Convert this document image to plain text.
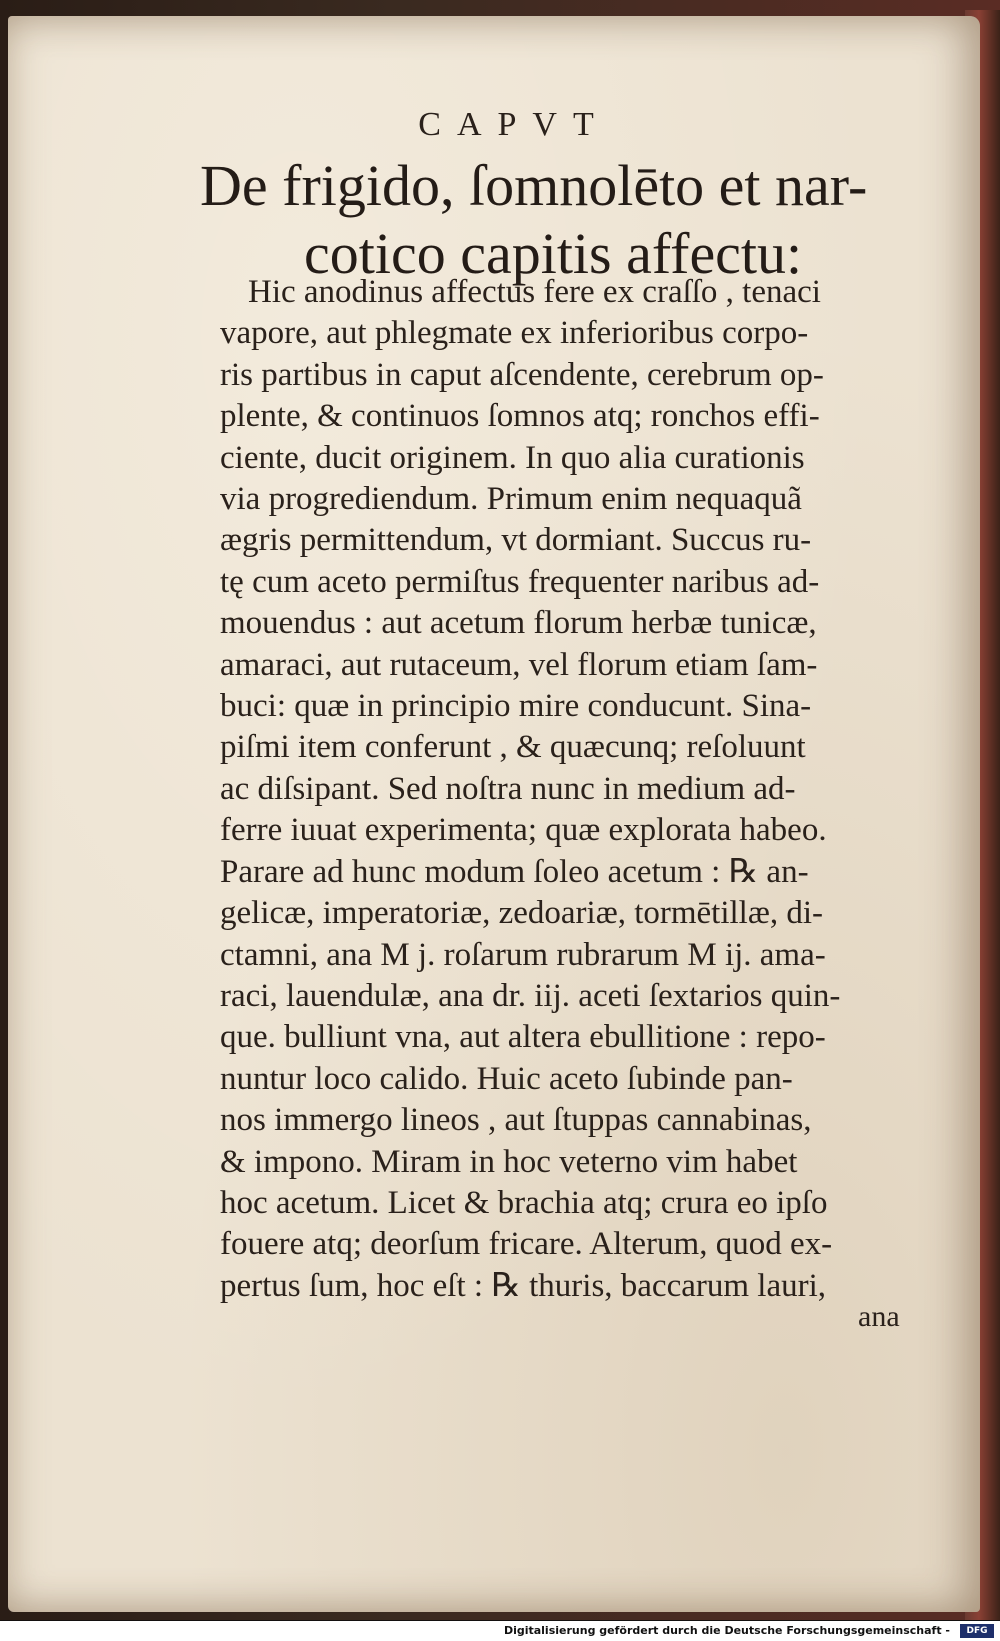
CAPVT
De frigido, ſomnolēto et nar-
cotico capitis affectu:
Hic anodinus affectus fere ex craſſo , tenaci
vapore, aut phlegmate ex inferioribus corpo-
ris partibus in caput aſcendente, cerebrum op-
plente, & continuos ſomnos atq; ronchos effi-
ciente, ducit originem. In quo alia curationis
via progrediendum. Primum enim nequaquã
ægris permittendum, vt dormiant. Succus ru-
tę cum aceto permiſtus frequenter naribus ad-
mouendus : aut acetum florum herbæ tunicæ,
amaraci, aut rutaceum, vel florum etiam ſam-
buci: quæ in principio mire conducunt. Sina-
piſmi item conferunt , & quæcunq; reſoluunt
ac diſsipant. Sed noſtra nunc in medium ad-
ferre iuuat experimenta; quæ explorata habeo.
Parare ad hunc modum ſoleo acetum : ℞ an-
gelicæ, imperatoriæ, zedoariæ, tormētillæ, di-
ctamni, ana M j. roſarum rubrarum M ij. ama-
raci, lauendulæ, ana dr. iij. aceti ſextarios quin-
que. bulliunt vna, aut altera ebullitione : repo-
nuntur loco calido. Huic aceto ſubinde pan-
nos immergo lineos , aut ſtuppas cannabinas,
& impono. Miram in hoc veterno vim habet
hoc acetum. Licet & brachia atq; crura eo ipſo
fouere atq; deorſum fricare. Alterum, quod ex-
pertus ſum, hoc eſt : ℞ thuris, baccarum lauri,
ana
Digitalisierung gefördert durch die Deutsche Forschungsgemeinschaft -	DFG
